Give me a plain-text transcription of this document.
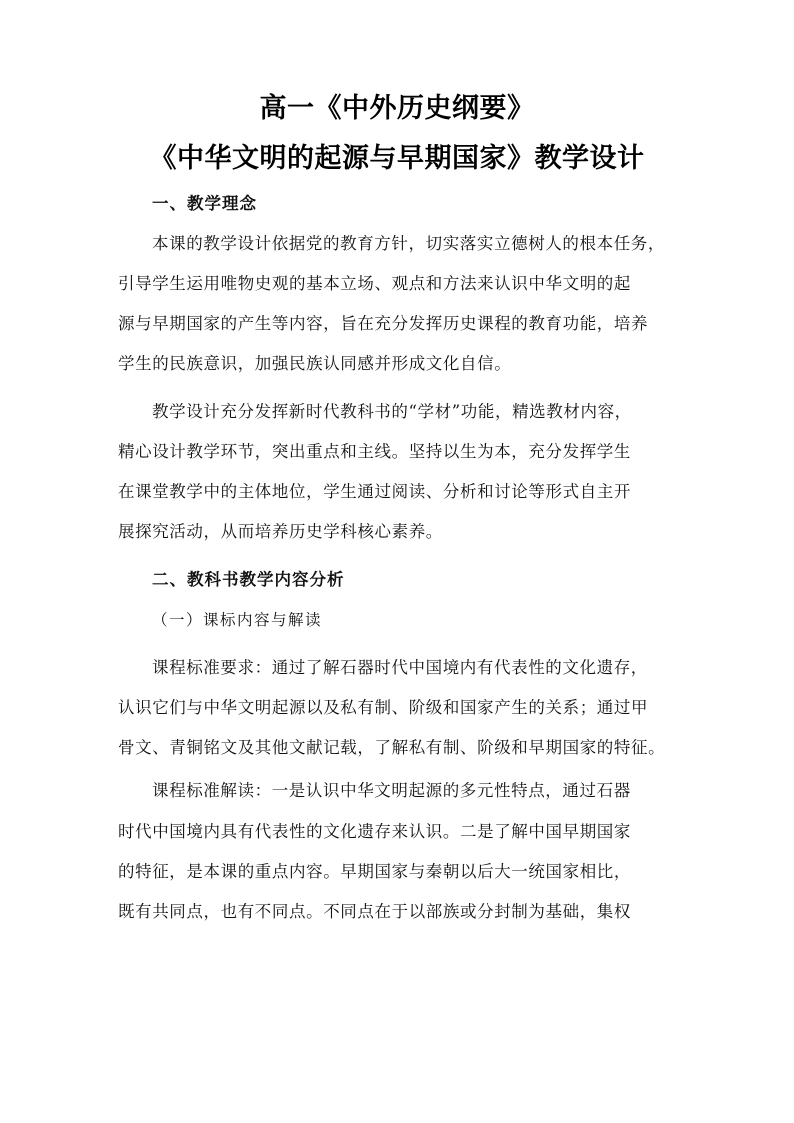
高一《中外历史纲要》
《中华文明的起源与早期国家》教学设计
一、教学理念
本课的教学设计依据党的教育方针，切实落实立德树人的根本任务，
引导学生运用唯物史观的基本立场、观点和方法来认识中华文明的起
源与早期国家的产生等内容，旨在充分发挥历史课程的教育功能，培养
学生的民族意识，加强民族认同感并形成文化自信。
教学设计充分发挥新时代教科书的“学材”功能，精选教材内容，
精心设计教学环节，突出重点和主线。坚持以生为本，充分发挥学生
在课堂教学中的主体地位，学生通过阅读、分析和讨论等形式自主开
展探究活动，从而培养历史学科核心素养。
二、教科书教学内容分析
（一）课标内容与解读
课程标准要求：通过了解石器时代中国境内有代表性的文化遗存，
认识它们与中华文明起源以及私有制、阶级和国家产生的关系；通过甲
骨文、青铜铭文及其他文献记载，了解私有制、阶级和早期国家的特征。
课程标准解读：一是认识中华文明起源的多元性特点，通过石器
时代中国境内具有代表性的文化遗存来认识。二是了解中国早期国家
的特征，是本课的重点内容。早期国家与秦朝以后大一统国家相比，
既有共同点，也有不同点。不同点在于以部族或分封制为基础，集权
